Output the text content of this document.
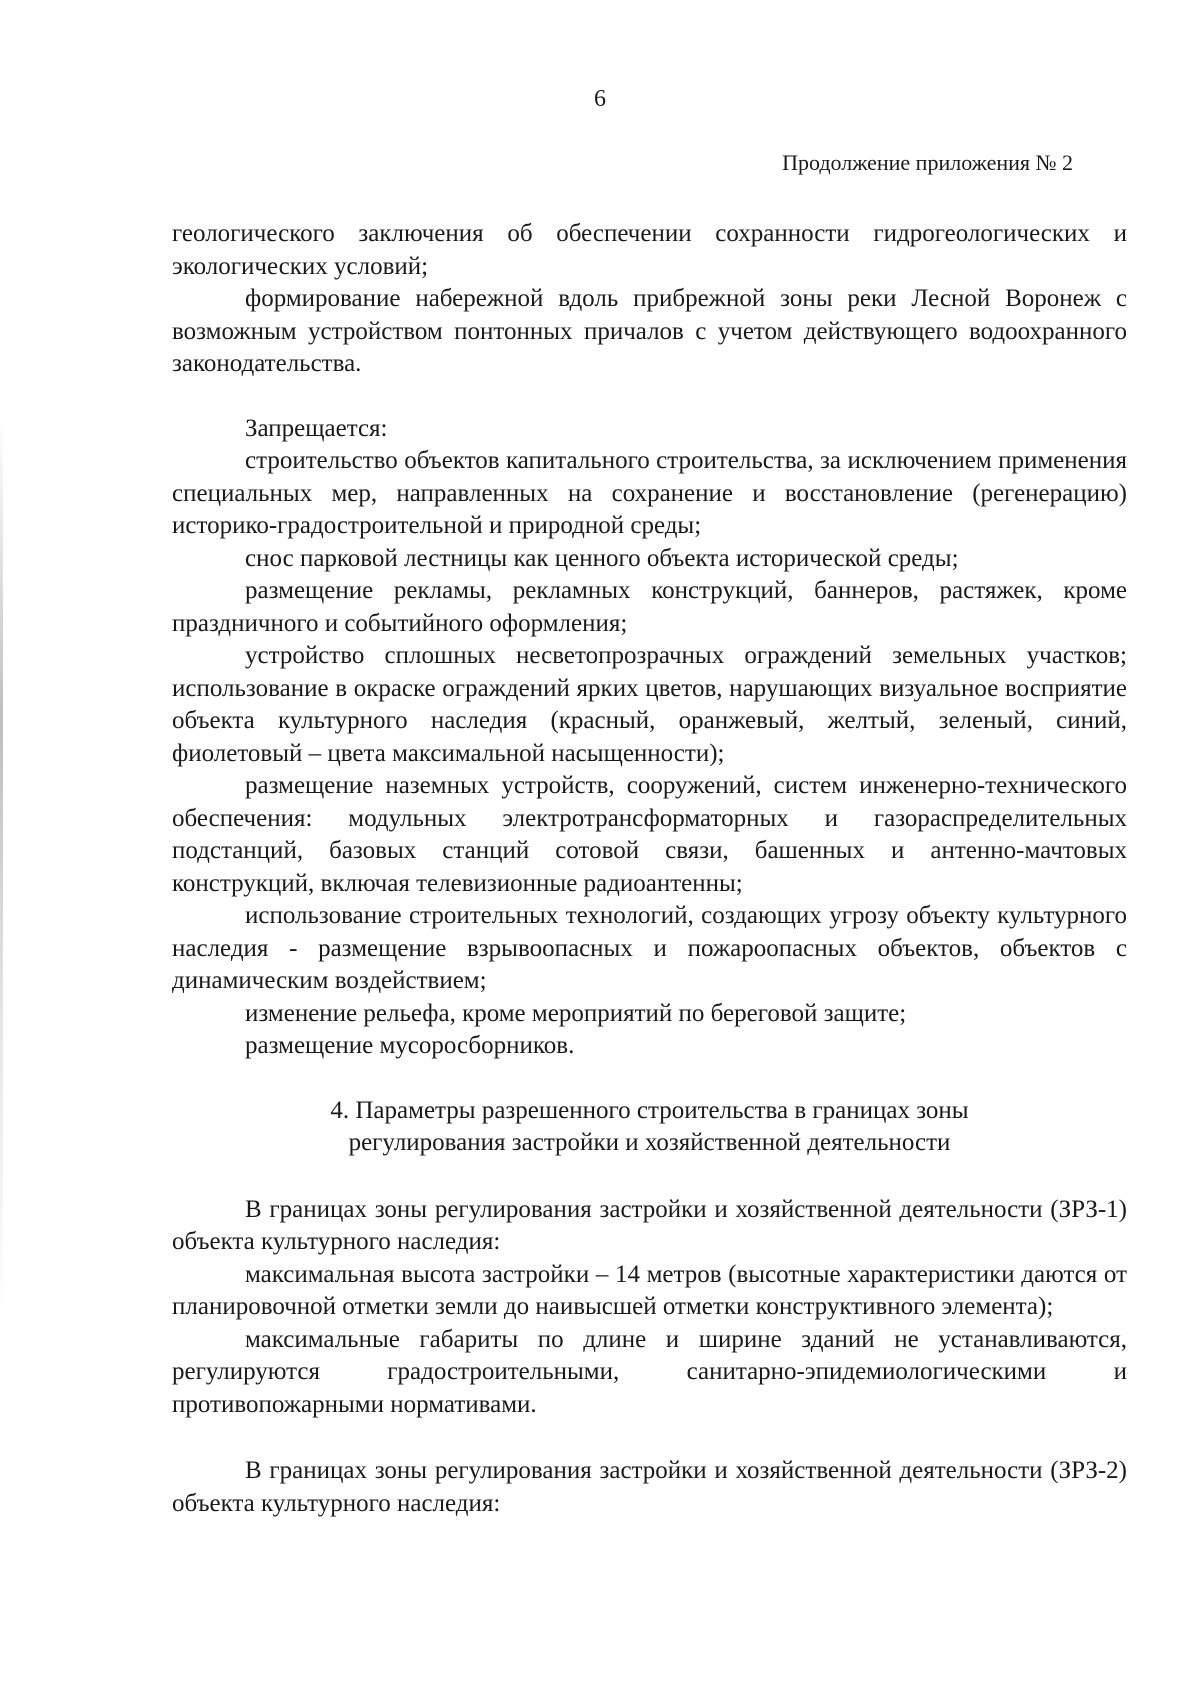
6
Продолжение приложения № 2

геологического заключения об обеспечении сохранности гидрогеологических и экологических условий;

формирование набережной вдоль прибрежной зоны реки Лесной Воронеж с возможным устройством понтонных причалов с учетом действующего водоохранного законодательства.

Запрещается:

строительство объектов капитального строительства, за исключением применения специальных мер, направленных на сохранение и восстановление (регенерацию) историко-градостроительной и природной среды;

снос парковой лестницы как ценного объекта исторической среды;

размещение рекламы, рекламных конструкций, баннеров, растяжек, кроме праздничного и событийного оформления;

устройство сплошных несветопрозрачных ограждений земельных участков; использование в окраске ограждений ярких цветов, нарушающих визуальное восприятие объекта культурного наследия (красный, оранжевый, желтый, зеленый, синий, фиолетовый – цвета максимальной насыщенности);

размещение наземных устройств, сооружений, систем инженерно-технического обеспечения: модульных электротрансформаторных и газораспределительных подстанций, базовых станций сотовой связи, башенных и антенно-мачтовых конструкций, включая телевизионные радиоантенны;

использование строительных технологий, создающих угрозу объекту культурного наследия - размещение взрывоопасных и пожароопасных объектов, объектов с динамическим воздействием;

изменение рельефа, кроме мероприятий по береговой защите;

размещение мусоросборников.

4. Параметры разрешенного строительства в границах зоны
регулирования застройки и хозяйственной деятельности

В границах зоны регулирования застройки и хозяйственной деятельности (ЗРЗ-1) объекта культурного наследия:

максимальная высота застройки – 14 метров (высотные характеристики даются от планировочной отметки земли до наивысшей отметки конструктивного элемента);

максимальные габариты по длине и ширине зданий не устанавливаются, регулируются градостроительными, санитарно-эпидемиологическими и противопожарными нормативами.

В границах зоны регулирования застройки и хозяйственной деятельности (ЗРЗ-2) объекта культурного наследия:
